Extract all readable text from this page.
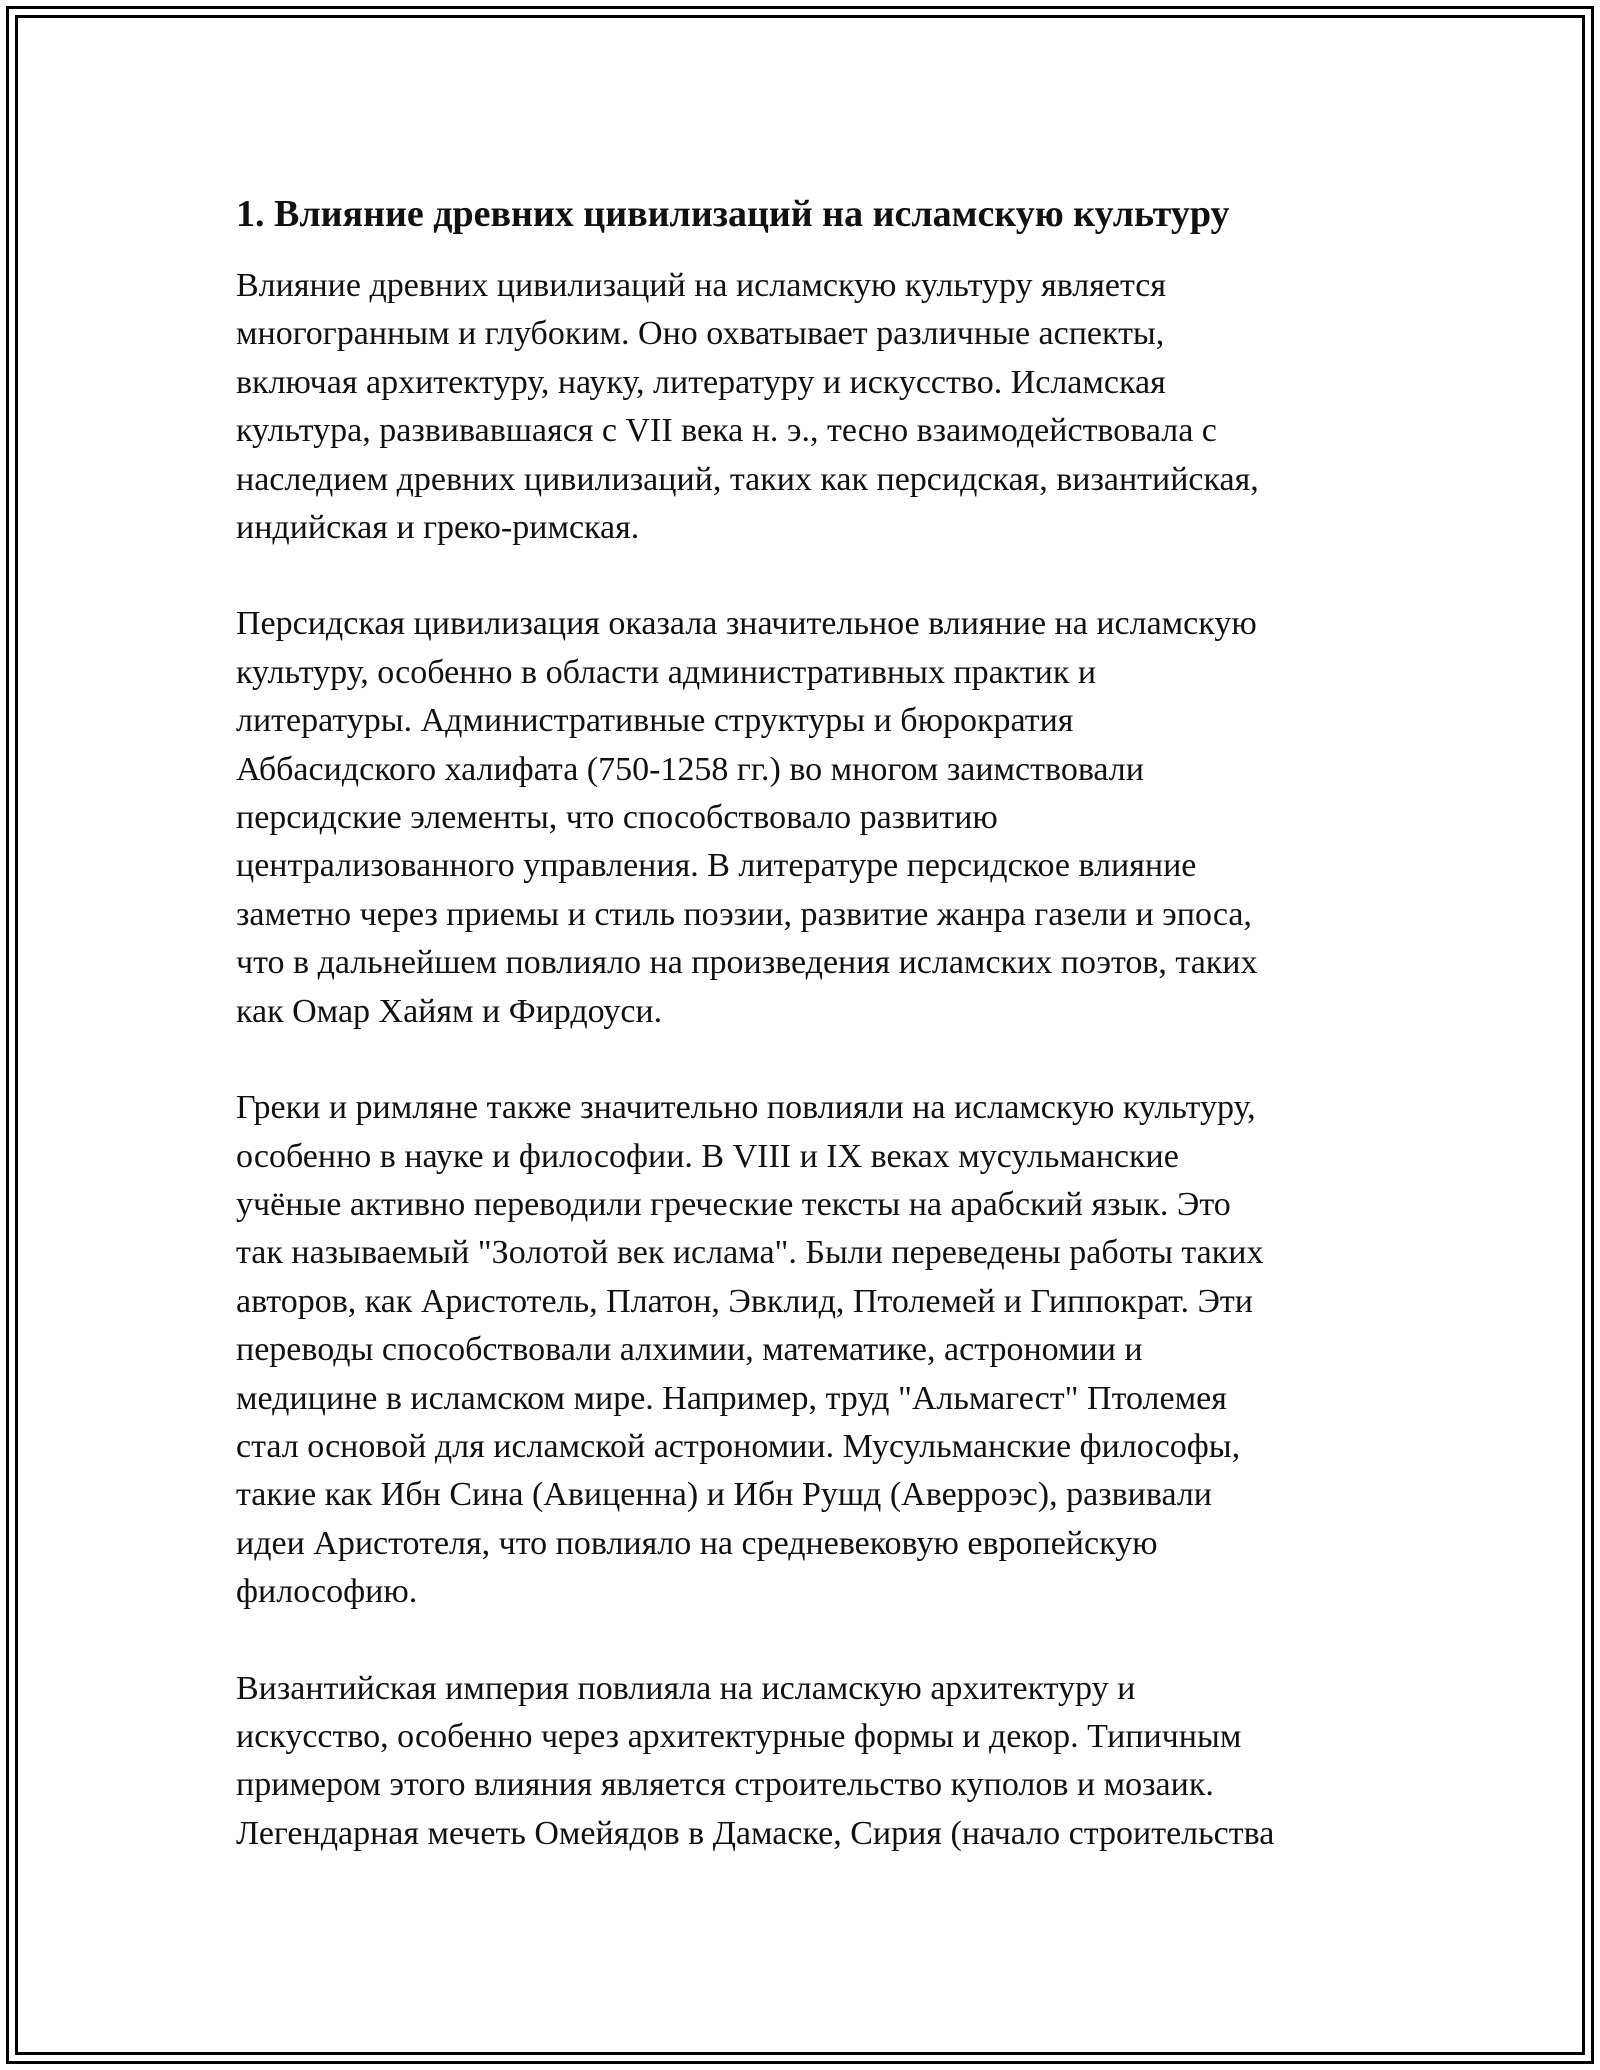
1. Влияние древних цивилизаций на исламскую культуру
Влияние древних цивилизаций на исламскую культуру является
многогранным и глубоким. Оно охватывает различные аспекты,
включая архитектуру, науку, литературу и искусство. Исламская
культура, развивавшаяся с VII века н. э., тесно взаимодействовала с
наследием древних цивилизаций, таких как персидская, византийская,
индийская и греко-римская.
Персидская цивилизация оказала значительное влияние на исламскую
культуру, особенно в области административных практик и
литературы. Административные структуры и бюрократия
Аббасидского халифата (750-1258 гг.) во многом заимствовали
персидские элементы, что способствовало развитию
централизованного управления. В литературе персидское влияние
заметно через приемы и стиль поэзии, развитие жанра газели и эпоса,
что в дальнейшем повлияло на произведения исламских поэтов, таких
как Омар Хайям и Фирдоуси.
Греки и римляне также значительно повлияли на исламскую культуру,
особенно в науке и философии. В VIII и IX веках мусульманские
учёные активно переводили греческие тексты на арабский язык. Это
так называемый "Золотой век ислама". Были переведены работы таких
авторов, как Аристотель, Платон, Эвклид, Птолемей и Гиппократ. Эти
переводы способствовали алхимии, математике, астрономии и
медицине в исламском мире. Например, труд "Альмагест" Птолемея
стал основой для исламской астрономии. Мусульманские философы,
такие как Ибн Сина (Авиценна) и Ибн Рушд (Аверроэс), развивали
идеи Аристотеля, что повлияло на средневековую европейскую
философию.
Византийская империя повлияла на исламскую архитектуру и
искусство, особенно через архитектурные формы и декор. Типичным
примером этого влияния является строительство куполов и мозаик.
Легендарная мечеть Омейядов в Дамаске, Сирия (начало строительства
